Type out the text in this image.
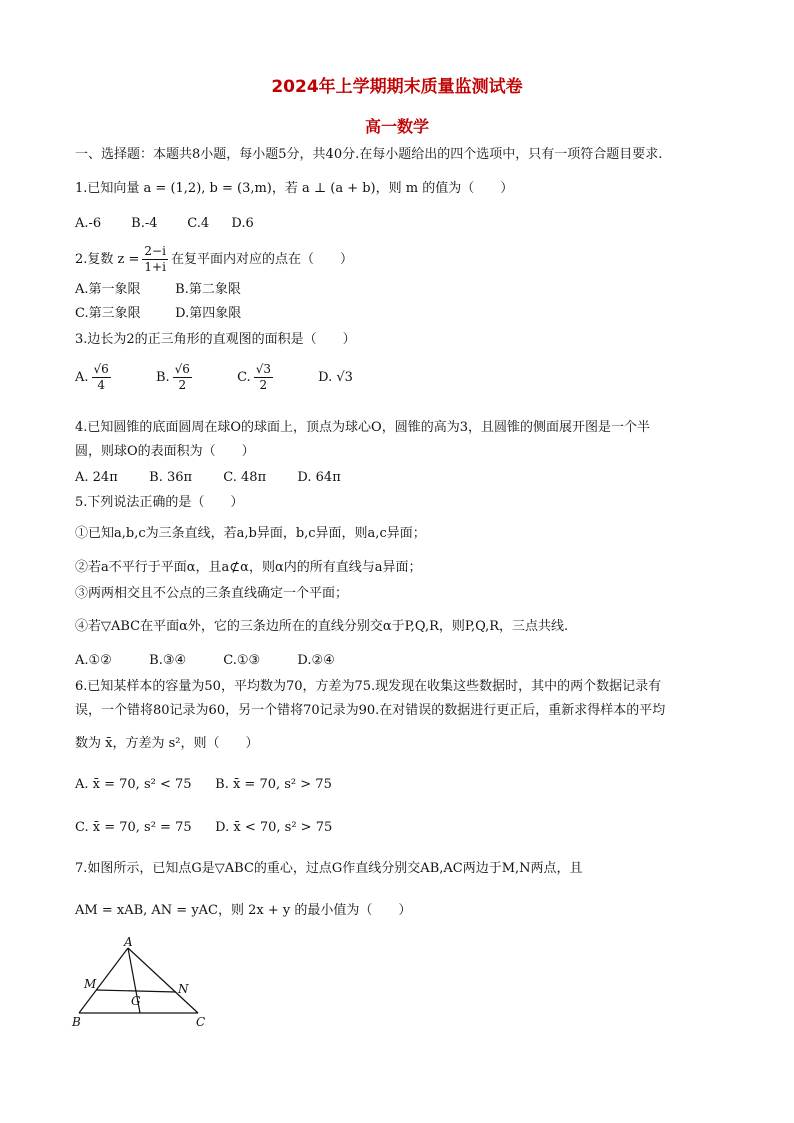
2024年上学期期末质量监测试卷
高一数学
一、选择题：本题共8小题，每小题5分，共40分.在每小题给出的四个选项中，只有一项符合题目要求.
1.已知向量 a = (1,2), b = (3,m)，若 a ⊥ (a + b)，则 m 的值为（　　）
A.-6 B.-4 C.4 D.6
2.复数 $z = \frac{2-i}{1+i}$ 在复平面内对应的点在（　　）
A.第一象限	B.第二象限
C.第三象限	D.第四象限
3.边长为2的正三角形的直观图的面积是（　　）
A. $\frac{√6}{4}$	B. $\frac{√6}{2}$	C. $\frac{√3}{2}$	D. √3
4.已知圆锥的底面圆周在球O的球面上，顶点为球心O，圆锥的高为3，且圆锥的侧面展开图是一个半
圆，则球O的表面积为（　　）
A. 24π B. 36π C. 48π D. 64π
5.下列说法正确的是（　　）
①已知a,b,c为三条直线，若a,b异面，b,c异面，则a,c异面；
②若a不平行于平面α，且a⊄α，则α内的所有直线与a异面；
③两两相交且不公点的三条直线确定一个平面；
④若▽ABC在平面α外，它的三条边所在的直线分别交α于P,Q,R，则P,Q,R，三点共线.
A.①②	B.③④	C.①③	D.②④
6.已知某样本的容量为50，平均数为70，方差为75.现发现在收集这些数据时，其中的两个数据记录有
误，一个错将80记录为60，另一个错将70记录为90.在对错误的数据进行更正后，重新求得样本的平均
数为 x̄，方差为 s²，则（　　）
A. x̄ = 70, s² < 75 B. x̄ = 70, s² > 75
C. x̄ = 70, s² = 75 D. x̄ < 70, s² > 75
7.如图所示，已知点G是▽ABC的重心，过点G作直线分别交AB,AC两边于M,N两点，且
AM = xAB, AN = yAC，则 2x + y 的最小值为（　　）
A
B	C
M	N
G
